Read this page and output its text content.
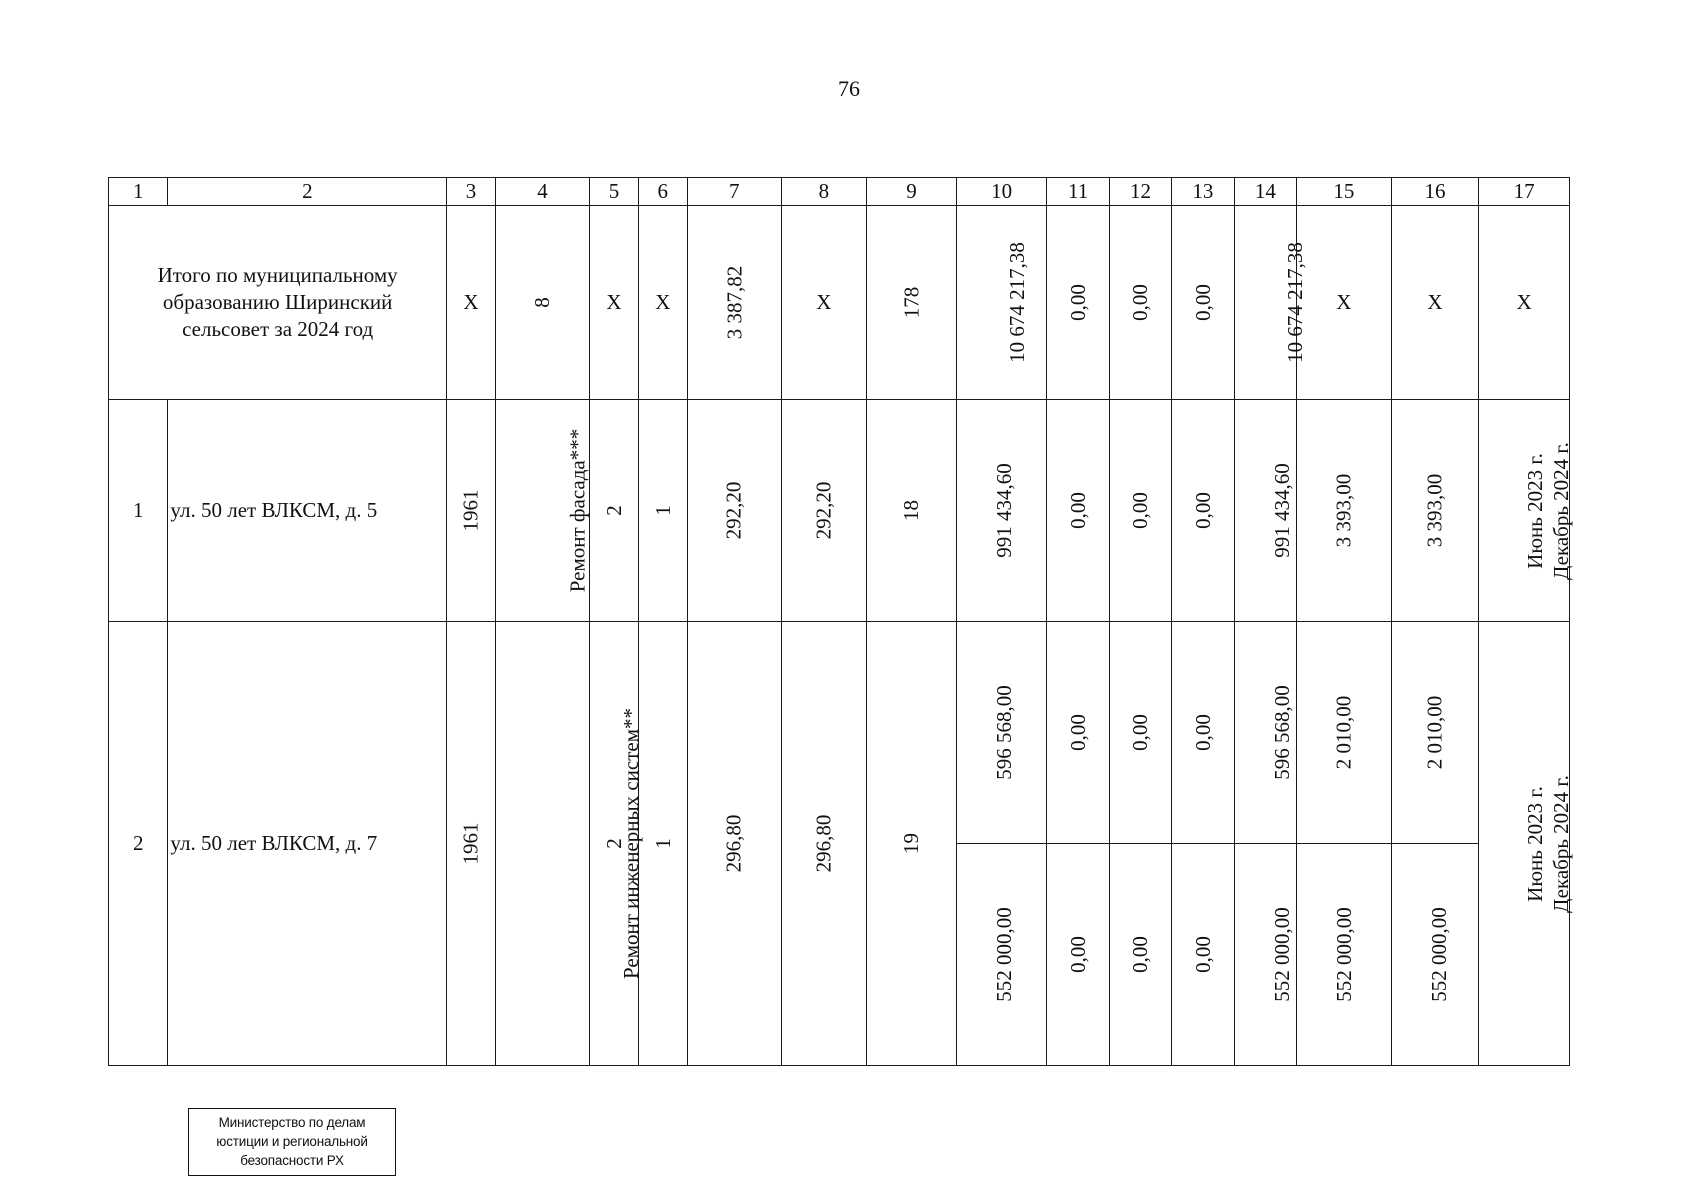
76
1	2	3	4	5	6	7	8	9	10	11	12	13	14	15	16	17
Итого по муниципальному образованию Ширинский сельсовет за 2024 год		Х	8	Х	Х	3 387,82	Х	178	10 674 217,38	0,00	0,00	0,00	10 674 217,38	Х	Х	Х
1	ул. 50 лет ВЛКСМ, д. 5	1961	Ремонт фасада***	2	1	292,20	292,20	18	991 434,60	0,00	0,00	0,00	991 434,60	3 393,00	3 393,00	Июнь 2023 г. Декабрь 2024 г.

2	ул. 50 лет ВЛКСМ, д. 7	1961	Ремонт инженерных систем**	2	1	296,80	296,80	19	596 568,00	0,00	0,00	0,00	596 568,00	2 010,00	2 010,00	Июнь 2023 г. Декабрь 2024 г.

									552 000,00	0,00	0,00	0,00	552 000,00	552 000,00	552 000,00	
Министерство по делам
юстиции и региональной
безопасности РХ
